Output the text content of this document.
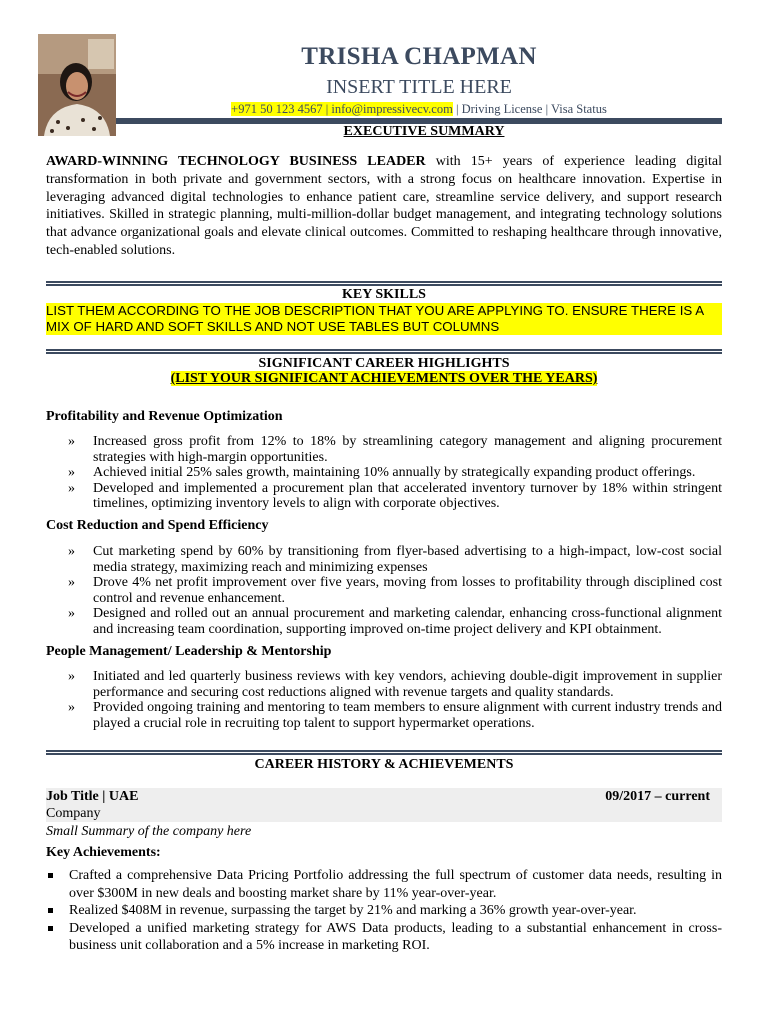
TRISHA CHAPMAN
INSERT TITLE HERE
+971 50 123 4567 | info@impressivecv.com | Driving License | Visa Status
EXECUTIVE SUMMARY
AWARD-WINNING TECHNOLOGY BUSINESS LEADER with 15+ years of experience leading digital transformation in both private and government sectors, with a strong focus on healthcare innovation. Expertise in leveraging advanced digital technologies to enhance patient care, streamline service delivery, and support research initiatives. Skilled in strategic planning, multi-million-dollar budget management, and integrating technology solutions that advance organizational goals and elevate clinical outcomes. Committed to reshaping healthcare through innovative, tech-enabled solutions.
KEY SKILLS
LIST THEM ACCORDING TO THE JOB DESCRIPTION THAT YOU ARE APPLYING TO. ENSURE THERE IS A MIX OF HARD AND SOFT SKILLS AND NOT USE TABLES BUT COLUMNS
SIGNIFICANT CAREER HIGHLIGHTS
(LIST YOUR SIGNIFICANT ACHIEVEMENTS OVER THE YEARS)
Profitability and Revenue Optimization
» Increased gross profit from 12% to 18% by streamlining category management and aligning procurement strategies with high-margin opportunities.
» Achieved initial 25% sales growth, maintaining 10% annually by strategically expanding product offerings.
» Developed and implemented a procurement plan that accelerated inventory turnover by 18% within stringent timelines, optimizing inventory levels to align with corporate objectives.
Cost Reduction and Spend Efficiency
» Cut marketing spend by 60% by transitioning from flyer-based advertising to a high-impact, low-cost social media strategy, maximizing reach and minimizing expenses
» Drove 4% net profit improvement over five years, moving from losses to profitability through disciplined cost control and revenue enhancement.
» Designed and rolled out an annual procurement and marketing calendar, enhancing cross-functional alignment and increasing team coordination, supporting improved on-time project delivery and KPI obtainment.
People Management/ Leadership & Mentorship
» Initiated and led quarterly business reviews with key vendors, achieving double-digit improvement in supplier performance and securing cost reductions aligned with revenue targets and quality standards.
» Provided ongoing training and mentoring to team members to ensure alignment with current industry trends and played a crucial role in recruiting top talent to support hypermarket operations.
CAREER HISTORY & ACHIEVEMENTS
Job Title | UAE	09/2017 – current
Company
Small Summary of the company here
Key Achievements:
Crafted a comprehensive Data Pricing Portfolio addressing the full spectrum of customer data needs, resulting in over $300M in new deals and boosting market share by 11% year-over-year.
Realized $408M in revenue, surpassing the target by 21% and marking a 36% growth year-over-year.
Developed a unified marketing strategy for AWS Data products, leading to a substantial enhancement in cross-business unit collaboration and a 5% increase in marketing ROI.
